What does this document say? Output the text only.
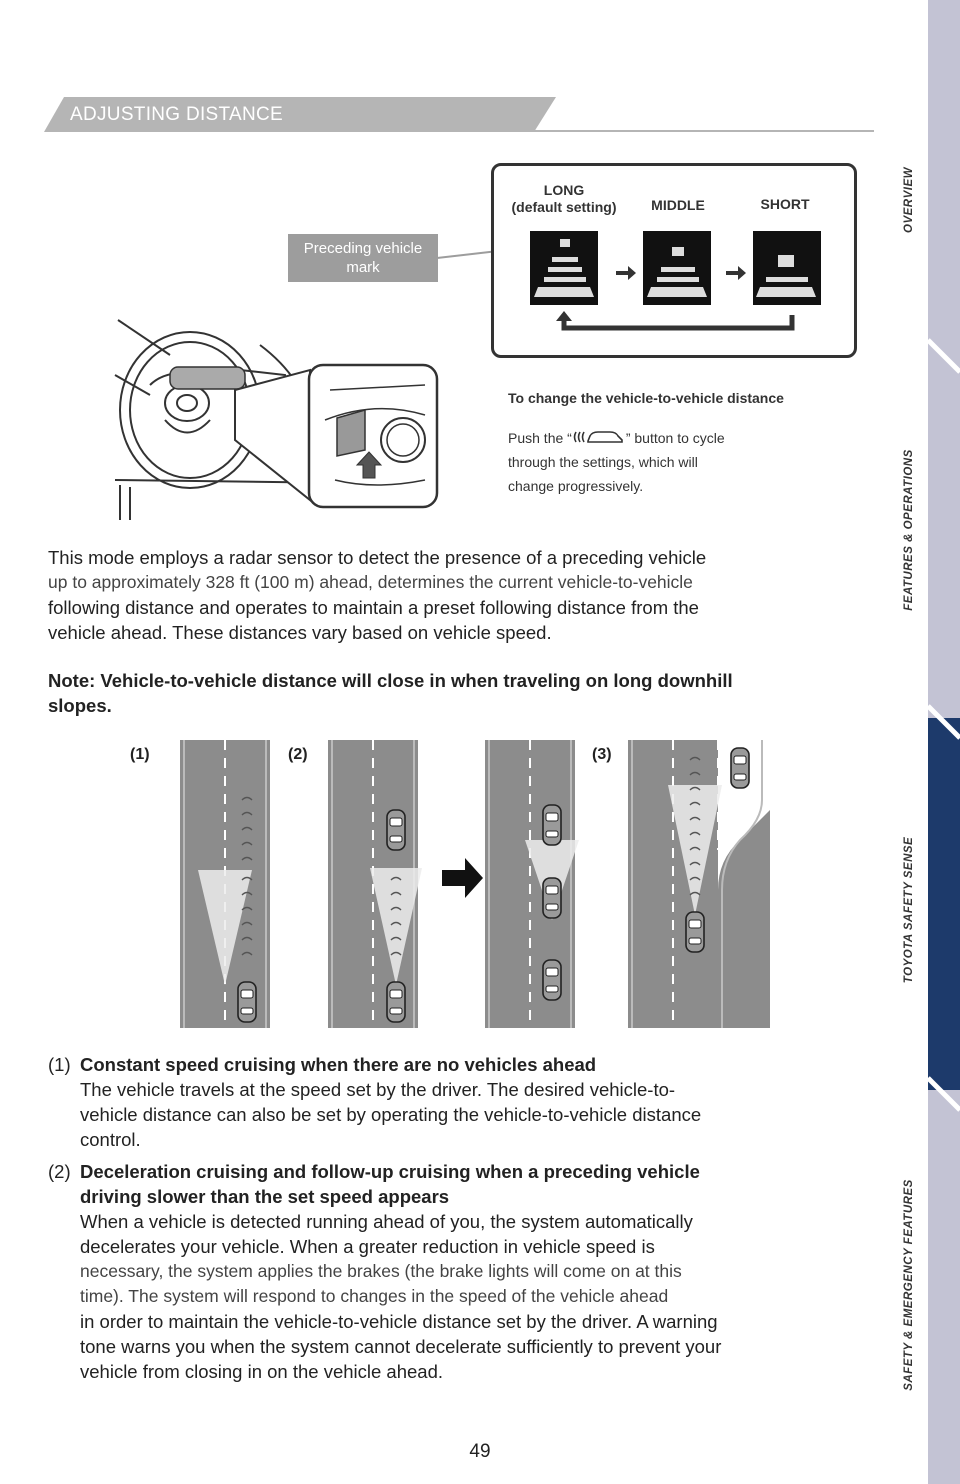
OVERVIEW
FEATURES & OPERATIONS
TOYOTA SAFETY SENSE
SAFETY & EMERGENCY FEATURES
ADJUSTING DISTANCE
LONG
(default setting)	MIDDLE	SHORT
Preceding vehicle
mark
To change the vehicle-to-vehicle distance
Push the “	” button to cycle
through the settings, which will
change progressively.
This mode employs a radar sensor to detect the presence of a preceding vehicle
up to approximately 328 ft (100 m) ahead, determines the current vehicle-to-vehicle
following distance and operates to maintain a preset following distance from the
vehicle ahead. These distances vary based on vehicle speed.
Note: Vehicle-to-vehicle distance will close in when traveling on long downhill
slopes.
(1)	(2)	(3)
(1) Constant speed cruising when there are no vehicles ahead
The vehicle travels at the speed set by the driver. The desired vehicle-to-
vehicle distance can also be set by operating the vehicle-to-vehicle distance
control.
(2) Deceleration cruising and follow-up cruising when a preceding vehicle
driving slower than the set speed appears
When a vehicle is detected running ahead of you, the system automatically
decelerates your vehicle. When a greater reduction in vehicle speed is
necessary, the system applies the brakes (the brake lights will come on at this
time). The system will respond to changes in the speed of the vehicle ahead
in order to maintain the vehicle-to-vehicle distance set by the driver. A warning
tone warns you when the system cannot decelerate sufficiently to prevent your
vehicle from closing in on the vehicle ahead.
49
